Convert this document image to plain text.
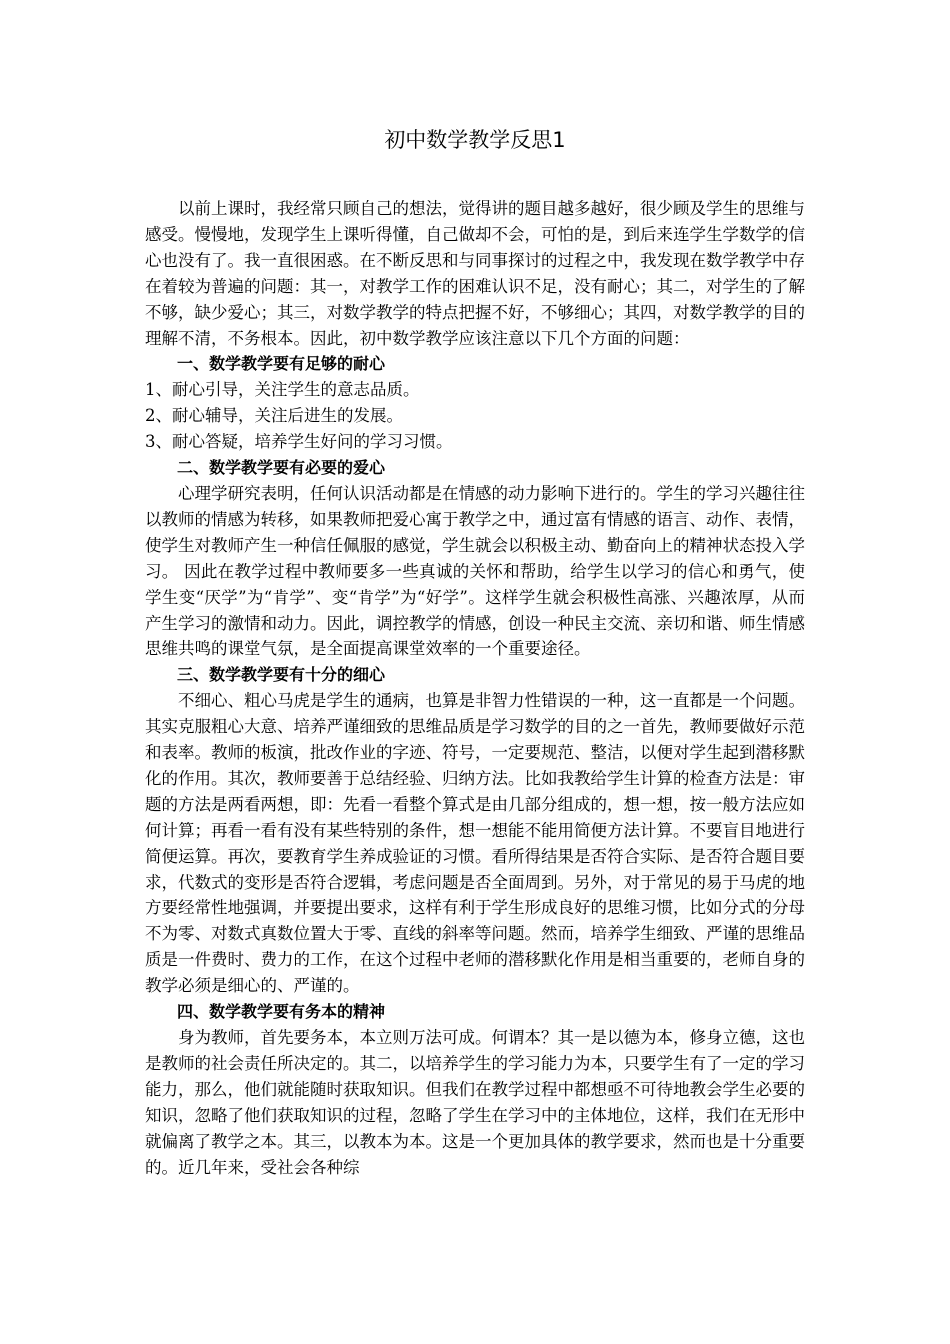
初中数学教学反思1

以前上课时，我经常只顾自己的想法，觉得讲的题目越多越好，很少顾及学生的思维与感受。慢慢地，发现学生上课听得懂，自己做却不会，可怕的是，到后来连学生学数学的信心也没有了。我一直很困惑。在不断反思和与同事探讨的过程之中，我发现在数学教学中存在着较为普遍的问题：其一，对教学工作的困难认识不足，没有耐心；其二，对学生的了解不够，缺少爱心；其三，对数学教学的特点把握不好，不够细心；其四，对数学教学的目的理解不清，不务根本。因此，初中数学教学应该注意以下几个方面的问题：

一、数学教学要有足够的耐心

1、耐心引导，关注学生的意志品质。

2、耐心辅导，关注后进生的发展。

3、耐心答疑，培养学生好问的学习习惯。

二、数学教学要有必要的爱心

心理学研究表明，任何认识活动都是在情感的动力影响下进行的。学生的学习兴趣往往以教师的情感为转移，如果教师把爱心寓于教学之中，通过富有情感的语言、动作、表情，使学生对教师产生一种信任佩服的感觉，学生就会以积极主动、勤奋向上的精神状态投入学习。 因此在教学过程中教师要多一些真诚的关怀和帮助，给学生以学习的信心和勇气，使学生变“厌学”为“肯学”、变“肯学”为“好学”。这样学生就会积极性高涨、兴趣浓厚，从而产生学习的激情和动力。因此，调控教学的情感，创设一种民主交流、亲切和谐、师生情感思维共鸣的课堂气氛，是全面提高课堂效率的一个重要途径。

三、数学教学要有十分的细心

不细心、粗心马虎是学生的通病，也算是非智力性错误的一种，这一直都是一个问题。其实克服粗心大意、培养严谨细致的思维品质是学习数学的目的之一首先，教师要做好示范和表率。教师的板演，批改作业的字迹、符号，一定要规范、整洁，以便对学生起到潜移默化的作用。其次，教师要善于总结经验、归纳方法。比如我教给学生计算的检查方法是：审题的方法是两看两想，即：先看一看整个算式是由几部分组成的，想一想，按一般方法应如何计算；再看一看有没有某些特别的条件，想一想能不能用简便方法计算。不要盲目地进行简便运算。再次，要教育学生养成验证的习惯。看所得结果是否符合实际、是否符合题目要求，代数式的变形是否符合逻辑，考虑问题是否全面周到。另外，对于常见的易于马虎的地方要经常性地强调，并要提出要求，这样有利于学生形成良好的思维习惯，比如分式的分母不为零、对数式真数位置大于零、直线的斜率等问题。然而，培养学生细致、严谨的思维品质是一件费时、费力的工作，在这个过程中老师的潜移默化作用是相当重要的，老师自身的教学必须是细心的、严谨的。

四、数学教学要有务本的精神

身为教师，首先要务本，本立则万法可成。何谓本？其一是以德为本，修身立德，这也是教师的社会责任所决定的。其二，以培养学生的学习能力为本，只要学生有了一定的学习能力，那么，他们就能随时获取知识。但我们在教学过程中都想亟不可待地教会学生必要的知识，忽略了他们获取知识的过程，忽略了学生在学习中的主体地位，这样，我们在无形中就偏离了教学之本。其三，以教本为本。这是一个更加具体的教学要求，然而也是十分重要的。近几年来，受社会各种综
